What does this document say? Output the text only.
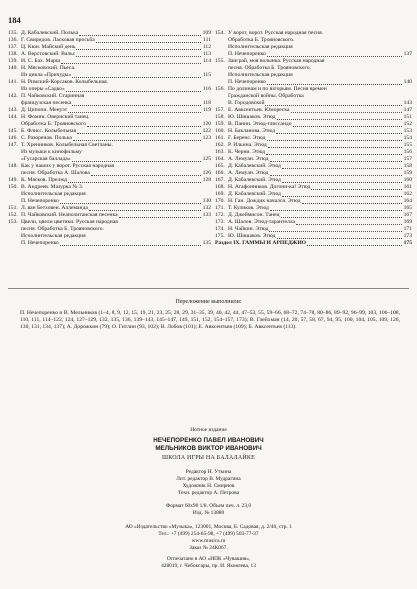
184
135. Д. Кабалевский. Полька	109
136. Г. Свиридов. Ласковая просьба	111
137. Ц. Кюи. Майский день	112
138. А. Верстовский. Вальс	113
139. И. С. Бах. Марш	114
140. Н. Мясковский. Пьеса.
Из цикла «Причуды»	115
141. Н. Римский-Корсаков. Колыбельная.
Из оперы «Садко»	116
142. П. Чайковский. Старинная
французская песенка	118
143. Д. Ципопи. Менуэт	119
144. Н. Фомин. Овернский танец.
Обработка Б. Трояновского	120
145. Б. Флисс. Колыбельная	122
146. С. Разоренов. Полька	123
147. Т. Хренников. Колыбельная Светланы.
Из музыки к кинофильму
«Гусарская баллада»	125
148. Как у наших у ворот. Русская народная
песня. Обработка А. Шалова	126
149. К. Мясков. Прелюд	128
150. В. Андреев. Мазурка № 3.
Исполнительская редакция
П. Нечепоренко	130
151. Л. ван Бетховен. Аллеманда	132
152. П. Чайковский. Неаполитанская песенка	133
153. Цвели, цвели цветики. Русская народная
песня. Обработка Б. Трояновского.
Исполнительская редакция
П. Нечепоренко	135
154. У ворот, ворот. Русская народная песня.
Обработка Б. Трояновского.
Исполнительская редакция
П. Нечепоренко	137
155. Заиграй, моя волынка. Русская народная
песня. Обработка Б. Трояновского.
Исполнительская редакция
П. Нечепоренко	140
156. По долинам и по взгорьям. Песня времен
Гражданской войны. Обработка
В. Городовской	143
157. Е. Авксентьев. Юмореска	147
158. Ю. Шишаков. Этюд	151
159. В. Панин. Этюд-глиссандо	152
160. Н. Бакланова. Этюд	153
161. Г. Беренс. Этюд	154
162. Р. Ильина. Этюд	155
163. К. Черни. Этюд	156
164. А. Лемуан. Этюд	157
165. Д. Кабалевский. Этюд	158
166. А. Лемуан. Этюд	159
167. Д. Кабалевский. Этюд	160
168. Н. Агафонников. Догони-ка! Этюд	161
169. Д. Кабалевский. Этюд	162
170. Н. Ган. Дождик начался. Этюд	164
171. Т. Куликов. Этюд	165
172. Д. Джеймисон. Танец	167
173. А. Шалов. Этюд-тарантелла	169
174. Н. Чайкин. Этюд	171
175. Ю. Шишаков. Этюд	173
Раздел IX. ГАММЫ И АРПЕДЖИО	175
Переложение выполнили:
П. Нечепоренко и В. Мельников (1–4, 8, 9, 12, 15, 19, 21, 23, 25, 28, 29, 31–35, 39, 40, 42, 44, 47–53, 55, 59–66, 68–72, 74–78, 80–86, 89–92, 96–99, 103, 106–108, 110, 111, 114–122, 124, 127–129, 132, 135, 136, 139–143, 145–147, 149, 151, 152, 154–157, 173); В. Глейхман (14, 20, 57, 58, 67, 94, 95, 100, 104, 105, 109, 126, 130, 131, 134, 137); А. Дорожкин (79); О. Гитлин (93, 102); В. Лобов (101); Е. Авксентьев (109); Б. Авксентьев (113).
Нотное издание
НЕЧЕПОРЕНКО ПАВЕЛ ИВАНОВИЧ
МЕЛЬНИКОВ ВИКТОР ИВАНОВИЧ
ШКОЛА ИГРЫ НА БАЛАЛАЙКЕ
Редактор Н. Уткина
Лит. редактор В. Мудрагина
Художник Н. Смирнов
Техн. редактор А. Петрова
Формат 60х90 1/8. Объем печ. л. 23,0
Изд. № 13880
АО «Издательство «Музыка», 123001, Москва, Б. Садовая, д. 2/46, стр. 1
Тел.: +7 (499) 254-65-98, +7 (499) 503-77-37
www.musica.ru
Заказ № 24К067.
Отпечатано в АО «ИПК «Чувашия»,
428019, г. Чебоксары, пр. И. Яковлева, 13
